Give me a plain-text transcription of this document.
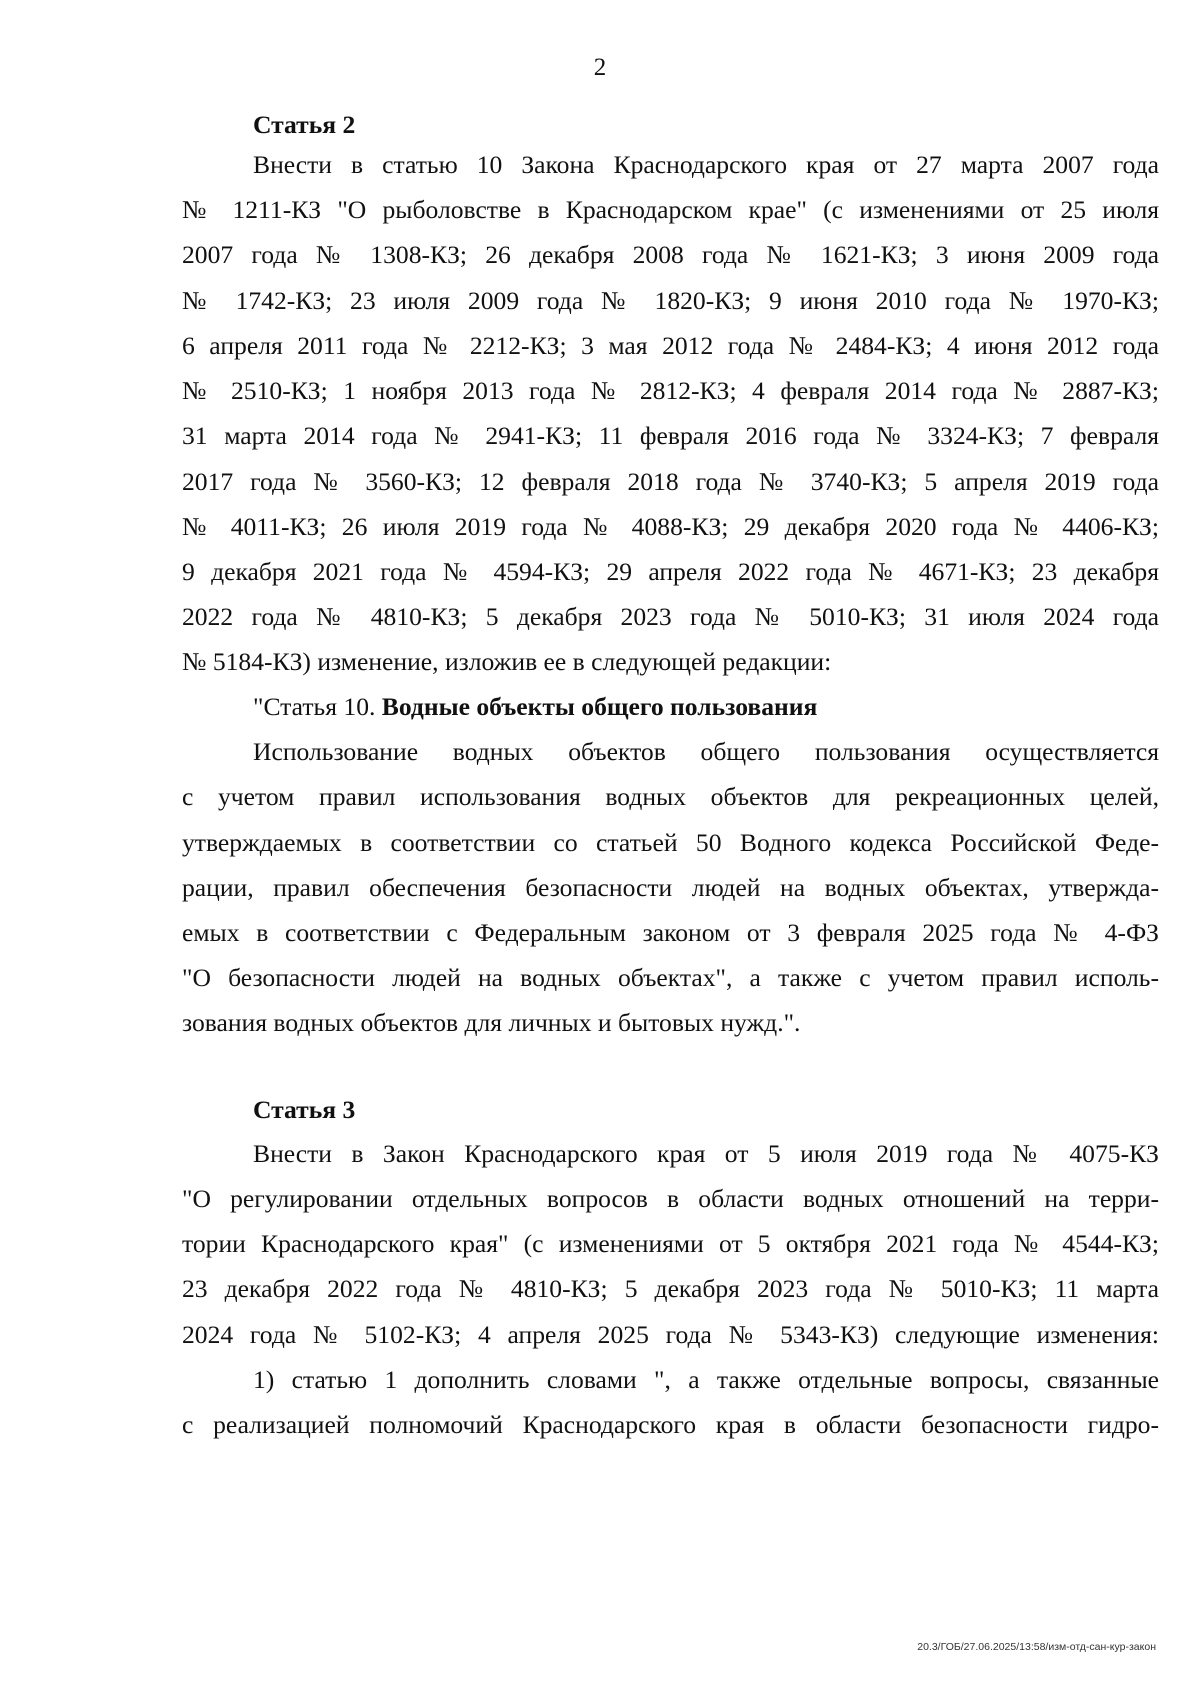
2
Статья 2
Внести в статью 10 Закона Краснодарского края от 27 марта 2007 года
№ 1211-КЗ "О рыболовстве в Краснодарском крае" (с изменениями от 25 июля
2007 года № 1308-КЗ; 26 декабря 2008 года № 1621-КЗ; 3 июня 2009 года
№ 1742-КЗ; 23 июля 2009 года № 1820-КЗ; 9 июня 2010 года № 1970-КЗ;
6 апреля 2011 года № 2212-КЗ; 3 мая 2012 года № 2484-КЗ; 4 июня 2012 года
№ 2510-КЗ; 1 ноября 2013 года № 2812-КЗ; 4 февраля 2014 года № 2887-КЗ;
31 марта 2014 года № 2941-КЗ; 11 февраля 2016 года № 3324-КЗ; 7 февраля
2017 года № 3560-КЗ; 12 февраля 2018 года № 3740-КЗ; 5 апреля 2019 года
№ 4011-КЗ; 26 июля 2019 года № 4088-КЗ; 29 декабря 2020 года № 4406-КЗ;
9 декабря 2021 года № 4594-КЗ; 29 апреля 2022 года № 4671-КЗ; 23 декабря
2022 года № 4810-КЗ; 5 декабря 2023 года № 5010-КЗ; 31 июля 2024 года
№ 5184-КЗ) изменение, изложив ее в следующей редакции:
"Статья 10. Водные объекты общего пользования
Использование водных объектов общего пользования осуществляется
с учетом правил использования водных объектов для рекреационных целей,
утверждаемых в соответствии со статьей 50 Водного кодекса Российской Феде-
рации, правил обеспечения безопасности людей на водных объектах, утвержда-
емых в соответствии с Федеральным законом от 3 февраля 2025 года № 4-ФЗ
"О безопасности людей на водных объектах", а также с учетом правил исполь-
зования водных объектов для личных и бытовых нужд.".
Статья 3
Внести в Закон Краснодарского края от 5 июля 2019 года № 4075-КЗ
"О регулировании отдельных вопросов в области водных отношений на терри-
тории Краснодарского края" (с изменениями от 5 октября 2021 года № 4544-КЗ;
23 декабря 2022 года № 4810-КЗ; 5 декабря 2023 года № 5010-КЗ; 11 марта
2024 года № 5102-КЗ; 4 апреля 2025 года № 5343-КЗ) следующие изменения:
1) статью 1 дополнить словами ", а также отдельные вопросы, связанные
с реализацией полномочий Краснодарского края в области безопасности гидро-
20.3/ГОБ/27.06.2025/13:58/изм-отд-сан-кур-закон
